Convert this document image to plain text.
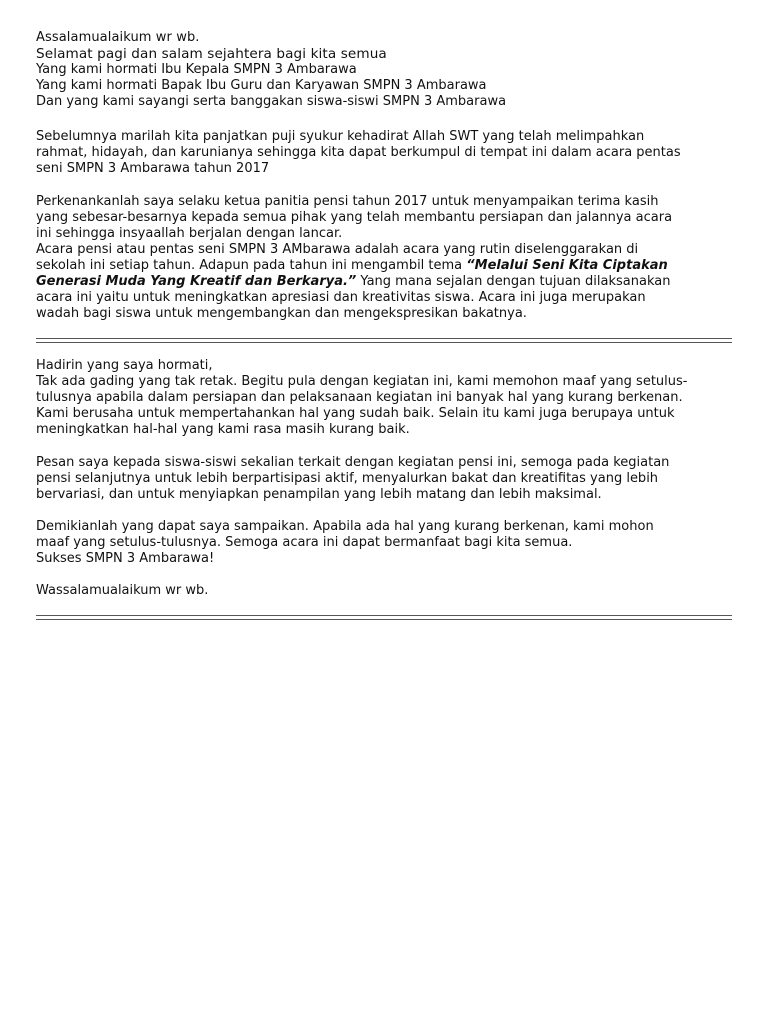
Assalamualaikum wr wb.
Selamat pagi dan salam sejahtera bagi kita semua
Yang kami hormati Ibu Kepala SMPN 3 Ambarawa
Yang kami hormati Bapak Ibu Guru dan Karyawan SMPN 3 Ambarawa
Dan yang kami sayangi serta banggakan siswa-siswi SMPN 3 Ambarawa
Sebelumnya marilah kita panjatkan puji syukur kehadirat Allah SWT yang telah melimpahkan
rahmat, hidayah, dan karunianya sehingga kita dapat berkumpul di tempat ini dalam acara pentas
seni SMPN 3 Ambarawa tahun 2017
Perkenankanlah saya selaku ketua panitia pensi tahun 2017 untuk menyampaikan terima kasih
yang sebesar-besarnya kepada semua pihak yang telah membantu persiapan dan jalannya acara
ini sehingga insyaallah berjalan dengan lancar.
Acara pensi atau pentas seni SMPN 3 AMbarawa adalah acara yang rutin diselenggarakan di
sekolah ini setiap tahun. Adapun pada tahun ini mengambil tema “Melalui Seni Kita Ciptakan
Generasi Muda Yang Kreatif dan Berkarya.” Yang mana sejalan dengan tujuan dilaksanakan
acara ini yaitu untuk meningkatkan apresiasi dan kreativitas siswa. Acara ini juga merupakan
wadah bagi siswa untuk mengembangkan dan mengekspresikan bakatnya.
Hadirin yang saya hormati,
Tak ada gading yang tak retak. Begitu pula dengan kegiatan ini, kami memohon maaf yang setulus-
tulusnya apabila dalam persiapan dan pelaksanaan kegiatan ini banyak hal yang kurang berkenan.
Kami berusaha untuk mempertahankan hal yang sudah baik. Selain itu kami juga berupaya untuk
meningkatkan hal-hal yang kami rasa masih kurang baik.
Pesan saya kepada siswa-siswi sekalian terkait dengan kegiatan pensi ini, semoga pada kegiatan
pensi selanjutnya untuk lebih berpartisipasi aktif, menyalurkan bakat dan kreatifitas yang lebih
bervariasi, dan untuk menyiapkan penampilan yang lebih matang dan lebih maksimal.
Demikianlah yang dapat saya sampaikan. Apabila ada hal yang kurang berkenan, kami mohon
maaf yang setulus-tulusnya. Semoga acara ini dapat bermanfaat bagi kita semua.
Sukses SMPN 3 Ambarawa!
Wassalamualaikum wr wb.
